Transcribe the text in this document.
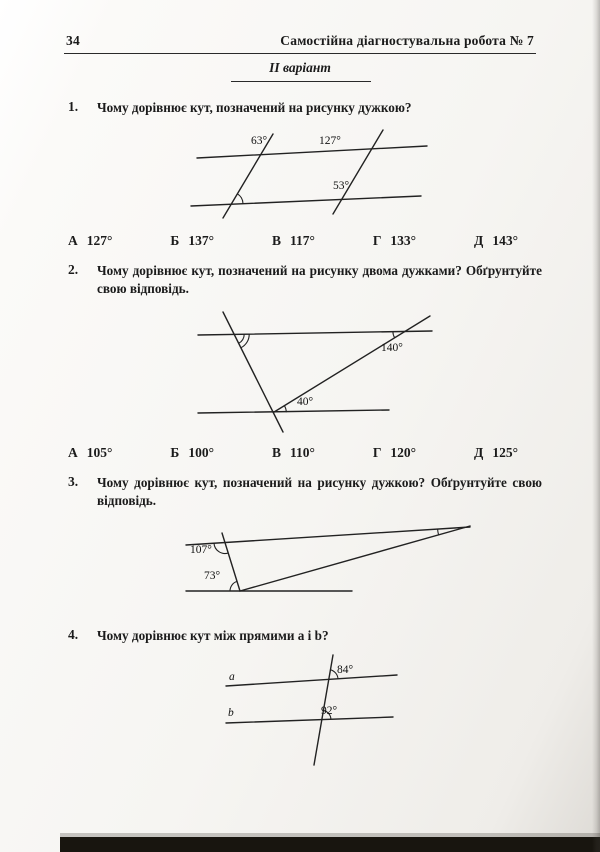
34	Самостійна діагностувальна робота № 7
II варіант
1. Чому дорівнює кут, позначений на рисунку дужкою?
63°	127°
53°
А 127°	Б 137°	В 117°	Г 133°	Д 143°
2. Чому дорівнює кут, позначений на рисунку двома дужками? Обґрунтуйте свою відповідь.
140°
40°
А 105°	Б 100°	В 110°	Г 120°	Д 125°
3. Чому дорівнює кут, позначений на рисунку дужкою? Обґрунтуйте свою відповідь.
107°
73°
4. Чому дорівнює кут між прямими a і b?
a
b
84°
92°
